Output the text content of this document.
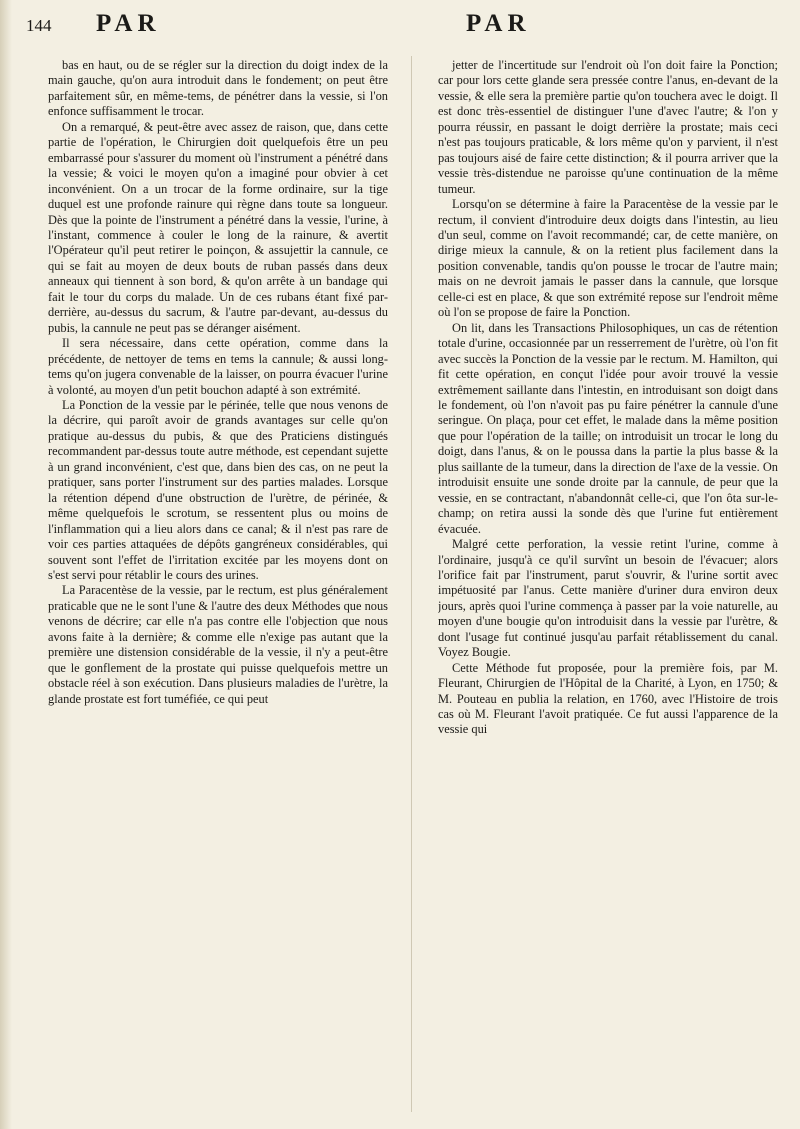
144 PAR	PAR

bas en haut, ou de se régler sur la direction du doigt index de la main gauche, qu'on aura introduit dans le fondement; on peut être parfaitement sûr, en même-tems, de pénétrer dans la vessie, si l'on enfonce suffisamment le trocar.

On a remarqué, & peut-être avec assez de raison, que, dans cette partie de l'opération, le Chirurgien doit quelquefois être un peu embarrassé pour s'assurer du moment où l'instrument a pénétré dans la vessie; & voici le moyen qu'on a imaginé pour obvier à cet inconvénient. On a un trocar de la forme ordinaire, sur la tige duquel est une profonde rainure qui règne dans toute sa longueur. Dès que la pointe de l'instrument a pénétré dans la vessie, l'urine, à l'instant, commence à couler le long de la rainure, & avertit l'Opérateur qu'il peut retirer le poinçon, & assujettir la cannule, ce qui se fait au moyen de deux bouts de ruban passés dans deux anneaux qui tiennent à son bord, & qu'on arrête à un bandage qui fait le tour du corps du malade. Un de ces rubans étant fixé par-derrière, au-dessus du sacrum, & l'autre par-devant, au-dessus du pubis, la cannule ne peut pas se déranger aisément.

Il sera nécessaire, dans cette opération, comme dans la précédente, de nettoyer de tems en tems la cannule; & aussi long-tems qu'on jugera convenable de la laisser, on pourra évacuer l'urine à volonté, au moyen d'un petit bouchon adapté à son extrémité.

La Ponction de la vessie par le périnée, telle que nous venons de la décrire, qui paroît avoir de grands avantages sur celle qu'on pratique au-dessus du pubis, & que des Praticiens distingués recommandent par-dessus toute autre méthode, est cependant sujette à un grand inconvénient, c'est que, dans bien des cas, on ne peut la pratiquer, sans porter l'instrument sur des parties malades. Lorsque la rétention dépend d'une obstruction de l'urètre, de périnée, & même quelquefois le scrotum, se ressentent plus ou moins de l'inflammation qui a lieu alors dans ce canal; & il n'est pas rare de voir ces parties attaquées de dépôts gangréneux considérables, qui souvent sont l'effet de l'irritation excitée par les moyens dont on s'est servi pour rétablir le cours des urines.

La Paracentèse de la vessie, par le rectum, est plus généralement praticable que ne le sont l'une & l'autre des deux Méthodes que nous venons de décrire; car elle n'a pas contre elle l'objection que nous avons faite à la dernière; & comme elle n'exige pas autant que la première une distension considérable de la vessie, il n'y a peut-être que le gonflement de la prostate qui puisse quelquefois mettre un obstacle réel à son exécution. Dans plusieurs maladies de l'urètre, la glande prostate est fort tuméfiée, ce qui peut

jetter de l'incertitude sur l'endroit où l'on doit faire la Ponction; car pour lors cette glande sera pressée contre l'anus, en-devant de la vessie, & elle sera la première partie qu'on touchera avec le doigt. Il est donc très-essentiel de distinguer l'une d'avec l'autre; & l'on y pourra réussir, en passant le doigt derrière la prostate; mais ceci n'est pas toujours praticable, & lors même qu'on y parvient, il n'est pas toujours aisé de faire cette distinction; & il pourra arriver que la vessie très-distendue ne paroisse qu'une continuation de la même tumeur.

Lorsqu'on se détermine à faire la Paracentèse de la vessie par le rectum, il convient d'introduire deux doigts dans l'intestin, au lieu d'un seul, comme on l'avoit recommandé; car, de cette manière, on dirige mieux la cannule, & on la retient plus facilement dans la position convenable, tandis qu'on pousse le trocar de l'autre main; mais on ne devroit jamais le passer dans la cannule, que lorsque celle-ci est en place, & que son extrémité repose sur l'endroit même où l'on se propose de faire la Ponction.

On lit, dans les Transactions Philosophiques, un cas de rétention totale d'urine, occasionnée par un resserrement de l'urètre, où l'on fit avec succès la Ponction de la vessie par le rectum. M. Hamilton, qui fit cette opération, en conçut l'idée pour avoir trouvé la vessie extrêmement saillante dans l'intestin, en introduisant son doigt dans le fondement, où l'on n'avoit pas pu faire pénétrer la cannule d'une seringue. On plaça, pour cet effet, le malade dans la même position que pour l'opération de la taille; on introduisit un trocar le long du doigt, dans l'anus, & on le poussa dans la partie la plus basse & la plus saillante de la tumeur, dans la direction de l'axe de la vessie. On introduisit ensuite une sonde droite par la cannule, de peur que la vessie, en se contractant, n'abandonnât celle-ci, que l'on ôta sur-le-champ; on retira aussi la sonde dès que l'urine fut entièrement évacuée.

Malgré cette perforation, la vessie retint l'urine, comme à l'ordinaire, jusqu'à ce qu'il survînt un besoin de l'évacuer; alors l'orifice fait par l'instrument, parut s'ouvrir, & l'urine sortit avec impétuosité par l'anus. Cette manière d'uriner dura environ deux jours, après quoi l'urine commença à passer par la voie naturelle, au moyen d'une bougie qu'on introduisit dans la vessie par l'urètre, & dont l'usage fut continué jusqu'au parfait rétablissement du canal. Voyez Bougie.

Cette Méthode fut proposée, pour la première fois, par M. Fleurant, Chirurgien de l'Hôpital de la Charité, à Lyon, en 1750; & M. Pouteau en publia la relation, en 1760, avec l'Histoire de trois cas où M. Fleurant l'avoit pratiquée. Ce fut aussi l'apparence de la vessie qui
